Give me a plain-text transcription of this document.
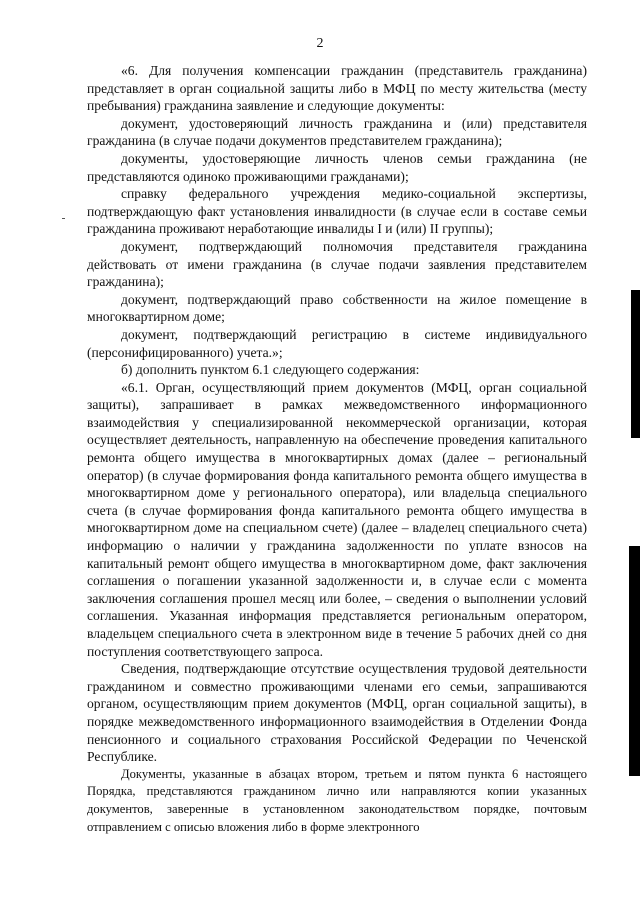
2

«6. Для получения компенсации гражданин (представитель гражданина) представляет в орган социальной защиты либо в МФЦ по месту жительства (месту пребывания) гражданина заявление и следующие документы:

документ, удостоверяющий личность гражданина и (или) представителя гражданина (в случае подачи документов представителем гражданина);

документы, удостоверяющие личность членов семьи гражданина (не представляются одиноко проживающими гражданами);

справку федерального учреждения медико-социальной экспертизы, подтверждающую факт установления инвалидности (в случае если в составе семьи гражданина проживают неработающие инвалиды I и (или) II группы);

документ, подтверждающий полномочия представителя гражданина действовать от имени гражданина (в случае подачи заявления представителем гражданина);

документ, подтверждающий право собственности на жилое помещение в многоквартирном доме;

документ, подтверждающий регистрацию в системе индивидуального (персонифицированного) учета.»;

б) дополнить пунктом 6.1 следующего содержания:

«6.1. Орган, осуществляющий прием документов (МФЦ, орган социальной защиты), запрашивает в рамках межведомственного информационного взаимодействия у специализированной некоммерческой организации, которая осуществляет деятельность, направленную на обеспечение проведения капитального ремонта общего имущества в многоквартирных домах (далее – региональный оператор) (в случае формирования фонда капитального ремонта общего имущества в многоквартирном доме у регионального оператора), или владельца специального счета (в случае формирования фонда капитального ремонта общего имущества в многоквартирном доме на специальном счете) (далее – владелец специального счета) информацию о наличии у гражданина задолженности по уплате взносов на капитальный ремонт общего имущества в многоквартирном доме, факт заключения соглашения о погашении указанной задолженности и, в случае если с момента заключения соглашения прошел месяц или более, – сведения о выполнении условий соглашения. Указанная информация представляется региональным оператором, владельцем специального счета в электронном виде в течение 5 рабочих дней со дня поступления соответствующего запроса.

Сведения, подтверждающие отсутствие осуществления трудовой деятельности гражданином и совместно проживающими членами его семьи, запрашиваются органом, осуществляющим прием документов (МФЦ, орган социальной защиты), в порядке межведомственного информационного взаимодействия в Отделении Фонда пенсионного и социального страхования Российской Федерации по Чеченской Республике.

Документы, указанные в абзацах втором, третьем и пятом пункта 6 настоящего Порядка, представляются гражданином лично или направляются копии указанных документов, заверенные в установленном законодательством порядке, почтовым отправлением с описью вложения либо в форме электронного
